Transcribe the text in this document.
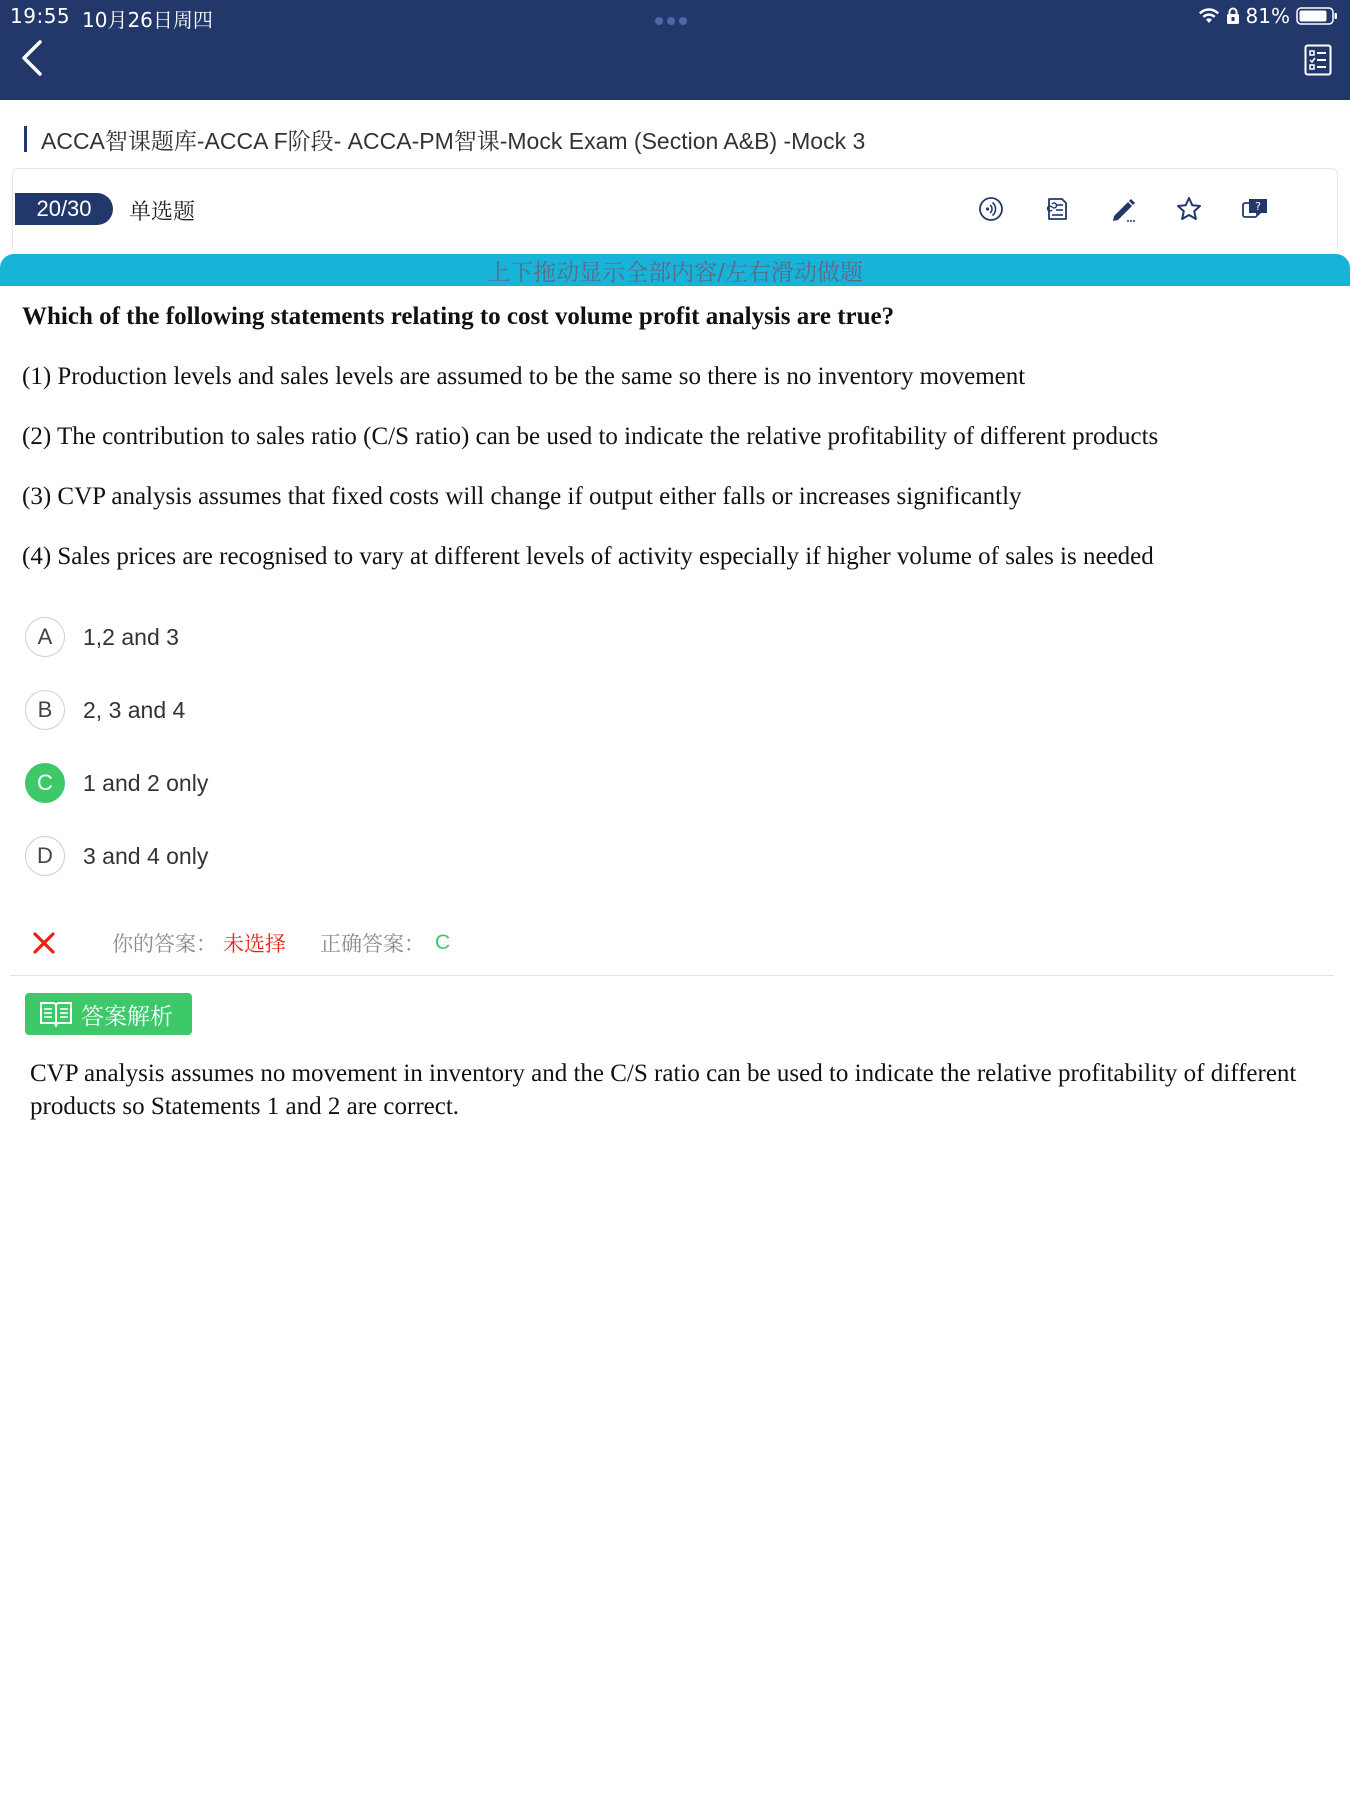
19:55 10月26日周四	81%
ACCA智课题库-ACCA F阶段- ACCA-PM智课-Mock Exam (Section A&B) -Mock 3
20/30	单选题	?
上下拖动显示全部内容/左右滑动做题
Which of the following statements relating to cost volume profit analysis are true?
(1) Production levels and sales levels are assumed to be the same so there is no inventory movement
(2) The contribution to sales ratio (C/S ratio) can be used to indicate the relative profitability of different products
(3) CVP analysis assumes that fixed costs will change if output either falls or increases significantly
(4) Sales prices are recognised to vary at different levels of activity especially if higher volume of sales is needed
A	1,2 and 3
B	2, 3 and 4
C	1 and 2 only
D	3 and 4 only
你的答案： 未选择 正确答案： C
答案解析
CVP analysis assumes no movement in inventory and the C/S ratio can be used to indicate the relative profitability of different products so Statements 1 and 2 are correct.
